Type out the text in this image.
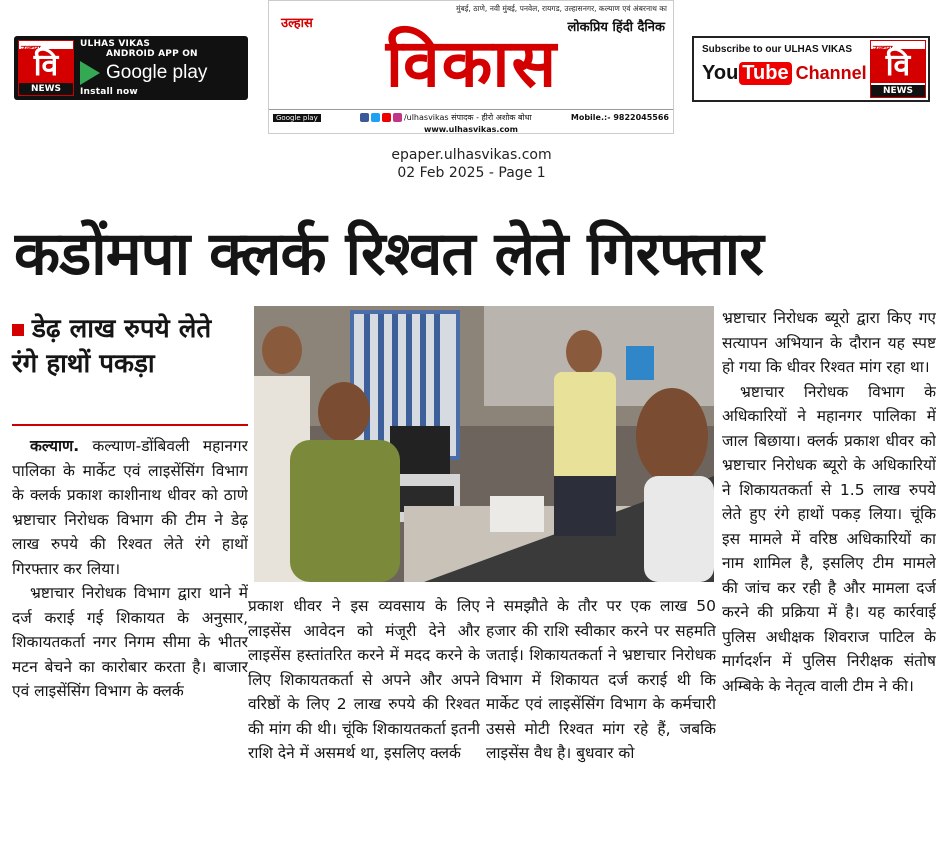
वि
NEWS
ULHAS VIKAS
ANDROID APP ON
Google play
Install now
मुंबई, ठाणे, नवी मुंबई, पनवेल, रायगड, उल्हासनगर, कल्याण एवं अंबरनाथ का
लोकप्रिय हिंदी दैनिक
उल्हास
विकास
Google play	/ulhasvikas संपादक - हीरो अशोक बोधा	Mobile.:- 9822045566
www.ulhasvikas.com
Subscribe to our ULHAS VIKAS
You Tube Channel वि
NEWS
epaper.ulhasvikas.com
02 Feb 2025 - Page 1
कडोंमपा क्लर्क रिश्वत लेते गिरफ्तार
डेढ़ लाख रुपये लेते रंगे हाथों पकड़ा

कल्याण. कल्याण-डोंबिवली महानगर पालिका के मार्केट एवं लाइसेंसिंग विभाग के क्लर्क प्रकाश काशीनाथ धीवर को ठाणे भ्रष्टाचार निरोधक विभाग की टीम ने डेढ़ लाख रुपये की रिश्वत लेते रंगे हाथों गिरफ्तार कर लिया।

भ्रष्टाचार निरोधक विभाग द्वारा थाने में दर्ज कराई गई शिकायत के अनुसार, शिकायतकर्ता नगर निगम सीमा के भीतर मटन बेचने का कारोबार करता है। बाजार एवं लाइसेंसिंग विभाग के क्लर्क

प्रकाश धीवर ने इस व्यवसाय के लिए लाइसेंस आवेदन को मंजूरी देने और लाइसेंस हस्तांतरित करने में मदद करने के लिए शिकायतकर्ता से अपने और अपने वरिष्ठों के लिए 2 लाख रुपये की रिश्वत की मांग की थी। चूंकि शिकायतकर्ता इतनी राशि देने में असमर्थ था, इसलिए क्लर्क

ने समझौते के तौर पर एक लाख 50 हजार की राशि स्वीकार करने पर सहमति जताई। शिकायतकर्ता ने भ्रष्टाचार निरोधक विभाग में शिकायत दर्ज कराई थी कि मार्केट एवं लाइसेंसिंग विभाग के कर्मचारी उससे मोटी रिश्वत मांग रहे हैं, जबकि लाइसेंस वैध है। बुधवार को

भ्रष्टाचार निरोधक ब्यूरो द्वारा किए गए सत्यापन अभियान के दौरान यह स्पष्ट हो गया कि धीवर रिश्वत मांग रहा था।

भ्रष्टाचार निरोधक विभाग के अधिकारियों ने महानगर पालिका में जाल बिछाया। क्लर्क प्रकाश धीवर को भ्रष्टाचार निरोधक ब्यूरो के अधिकारियों ने शिकायतकर्ता से 1.5 लाख रुपये लेते हुए रंगे हाथों पकड़ लिया। चूंकि इस मामले में वरिष्ठ अधिकारियों का नाम शामिल है, इसलिए टीम मामले की जांच कर रही है और मामला दर्ज करने की प्रक्रिया में है। यह कार्रवाई पुलिस अधीक्षक शिवराज पाटिल के मार्गदर्शन में पुलिस निरीक्षक संतोष अम्बिके के नेतृत्व वाली टीम ने की।
